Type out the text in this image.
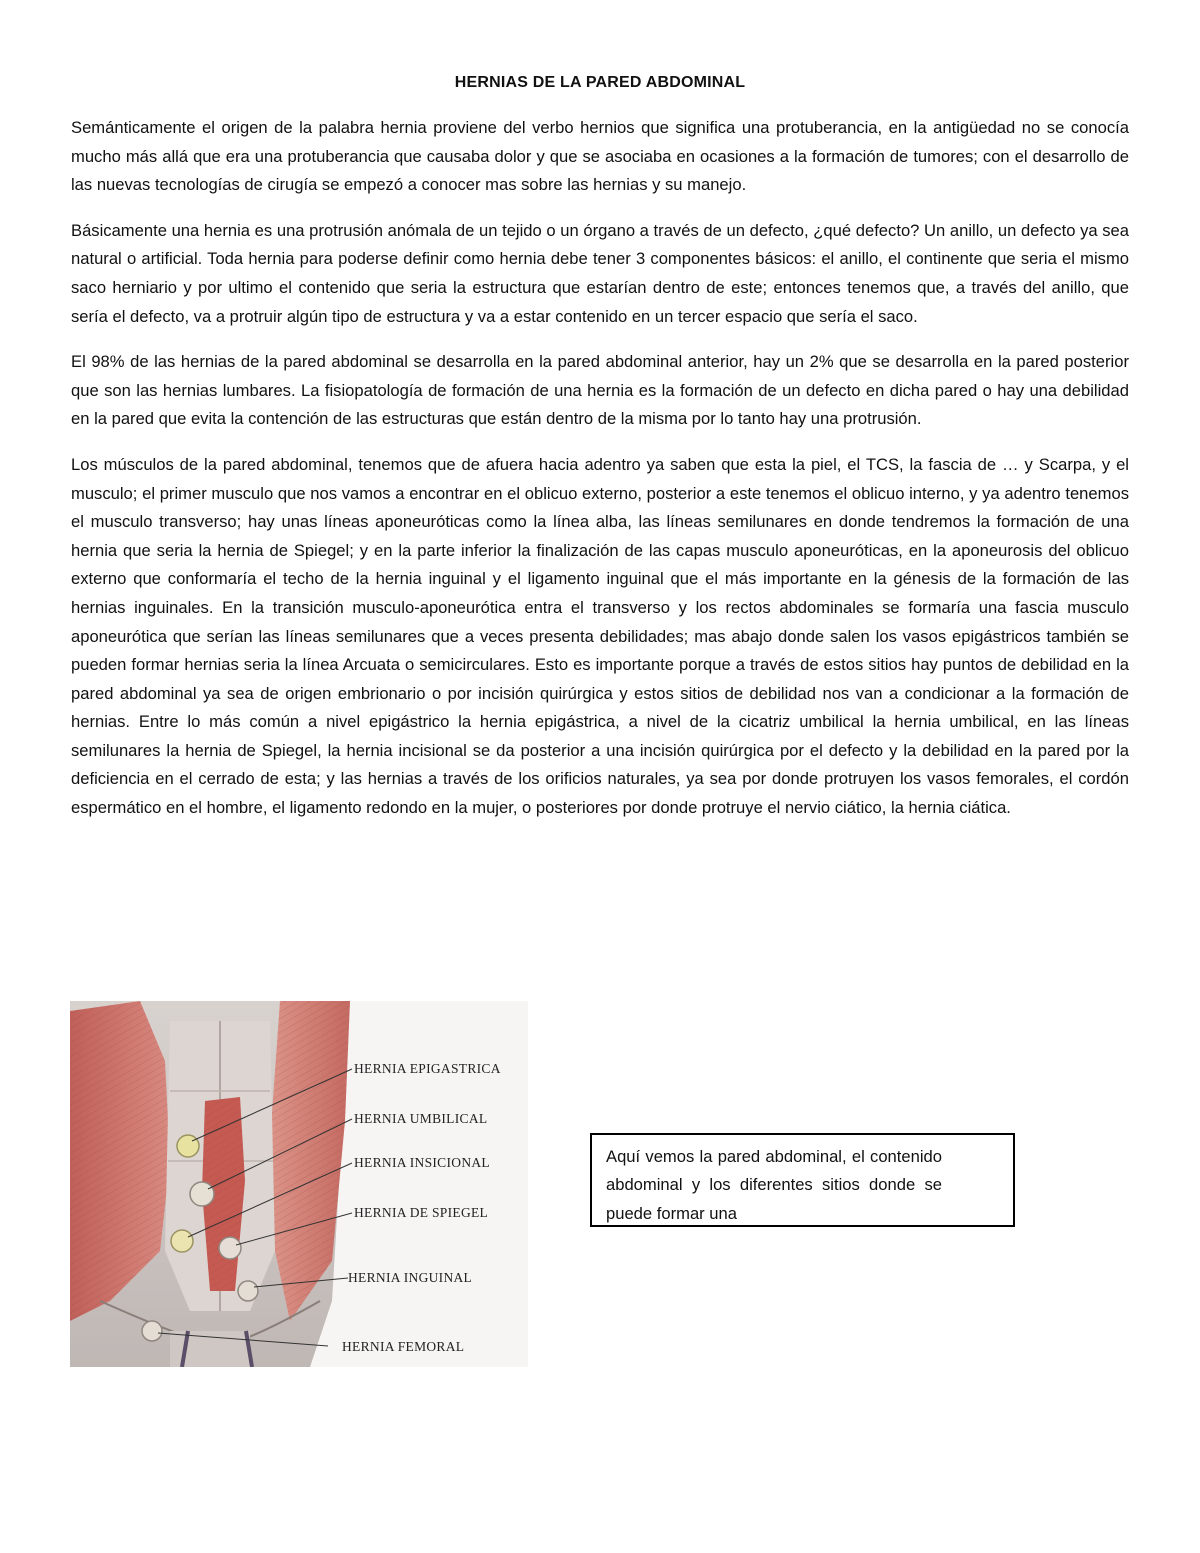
HERNIAS DE LA PARED ABDOMINAL

Semánticamente el origen de la palabra hernia proviene del verbo hernios que significa una protuberancia, en la antigüedad no se conocía mucho más allá que era una protuberancia que causaba dolor y que se asociaba en ocasiones a la formación de tumores; con el desarrollo de las nuevas tecnologías de cirugía se empezó a conocer mas sobre las hernias y su manejo.

Básicamente una hernia es una protrusión anómala de un tejido o un órgano a través de un defecto, ¿qué defecto? Un anillo, un defecto ya sea natural o artificial. Toda hernia para poderse definir como hernia debe tener 3 componentes básicos: el anillo, el continente que seria el mismo saco herniario y por ultimo el contenido que seria la estructura que estarían dentro de este; entonces tenemos que, a través del anillo, que sería el defecto, va a protruir algún tipo de estructura y va a estar contenido en un tercer espacio que sería el saco.

El 98% de las hernias de la pared abdominal se desarrolla en la pared abdominal anterior, hay un 2% que se desarrolla en la pared posterior que son las hernias lumbares. La fisiopatología de formación de una hernia es la formación de un defecto en dicha pared o hay una debilidad en la pared que evita la contención de las estructuras que están dentro de la misma por lo tanto hay una protrusión.

Los músculos de la pared abdominal, tenemos que de afuera hacia adentro ya saben que esta la piel, el TCS, la fascia de … y Scarpa, y el musculo; el primer musculo que nos vamos a encontrar en el oblicuo externo, posterior a este tenemos el oblicuo interno, y ya adentro tenemos el musculo transverso; hay unas líneas aponeuróticas como la línea alba, las líneas semilunares en donde tendremos la formación de una hernia que seria la hernia de Spiegel; y en la parte inferior la finalización de las capas musculo aponeuróticas, en la aponeurosis del oblicuo externo que conformaría el techo de la hernia inguinal y el ligamento inguinal que el más importante en la génesis de la formación de las hernias inguinales. En la transición musculo-aponeurótica entra el transverso y los rectos abdominales se formaría una fascia musculo aponeurótica que serían las líneas semilunares que a veces presenta debilidades; mas abajo donde salen los vasos epigástricos también se pueden formar hernias seria la línea Arcuata o semicirculares. Esto es importante porque a través de estos sitios hay puntos de debilidad en la pared abdominal ya sea de origen embrionario o por incisión quirúrgica y estos sitios de debilidad nos van a condicionar a la formación de hernias. Entre lo más común a nivel epigástrico la hernia epigástrica, a nivel de la cicatriz umbilical la hernia umbilical, en las líneas semilunares la hernia de Spiegel, la hernia incisional se da posterior a una incisión quirúrgica por el defecto y la debilidad en la pared por la deficiencia en el cerrado de esta; y las hernias a través de los orificios naturales, ya sea por donde protruyen los vasos femorales, el cordón espermático en el hombre, el ligamento redondo en la mujer, o posteriores por donde protruye el nervio ciático, la hernia ciática.

HERNIA EPIGASTRICA
HERNIA UMBILICAL
HERNIA INSICIONAL
HERNIA DE SPIEGEL
HERNIA INGUINAL
HERNIA FEMORAL
Aquí vemos la pared abdominal, el contenido abdominal y los diferentes sitios donde se puede formar una
